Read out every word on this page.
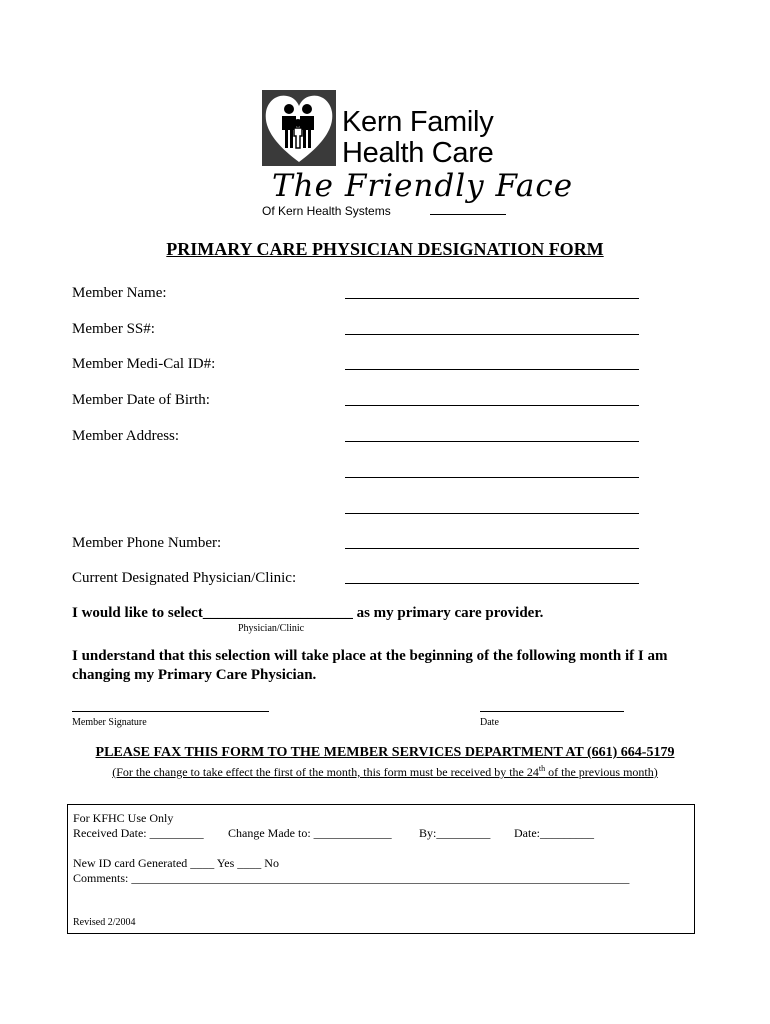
Kern Family
Health Care
The Friendly Face
Of Kern Health Systems
PRIMARY CARE PHYSICIAN DESIGNATION FORM
Member Name:
Member SS#:
Member Medi-Cal ID#:
Member Date of Birth:
Member Address:
Member Phone Number:
Current Designated Physician/Clinic:
I would like to select____________________ as my primary care provider.
Physician/Clinic
I understand that this selection will take place at the beginning of the following month if I am
changing my Primary Care Physician.
Member Signature	Date
PLEASE FAX THIS FORM TO THE MEMBER SERVICES DEPARTMENT AT (661) 664-5179
(For the change to take effect the first of the month, this form must be received by the 24th of the previous month)
For KFHC Use Only
Received Date: _________ Change Made to: _____________ By:_________ Date:_________
New ID card Generated ____ Yes ____ No
Comments: ___________________________________________________________________________________
Revised 2/2004
